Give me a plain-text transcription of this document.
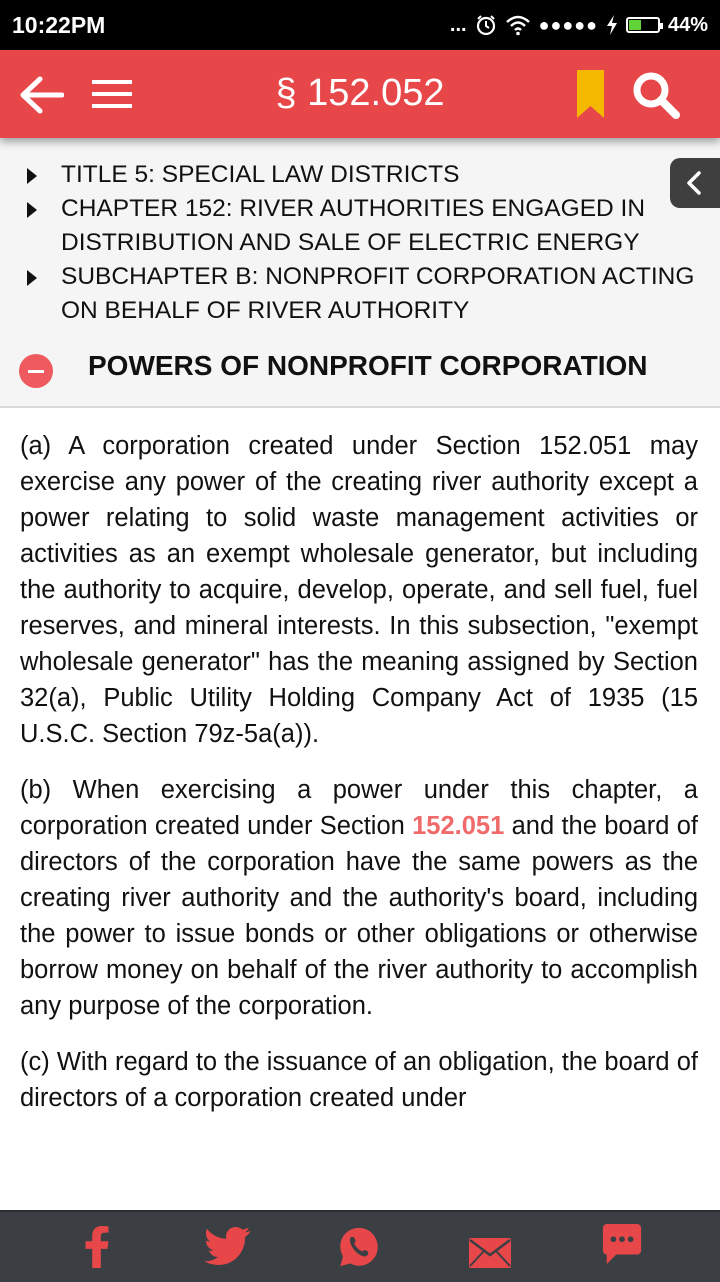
10:22PM	...	●●●●●	44%
§ 152.052
TITLE 5: SPECIAL LAW DISTRICTS
CHAPTER 152: RIVER AUTHORITIES ENGAGED IN DISTRIBUTION AND SALE OF ELECTRIC ENERGY
SUBCHAPTER B: NONPROFIT CORPORATION ACTING ON BEHALF OF RIVER AUTHORITY
POWERS OF NONPROFIT CORPORATION

(a) A corporation created under Section 152.051 may exercise any power of the creating river authority except a power relating to solid waste management activities or activities as an exempt wholesale generator, but including the authority to acquire, develop, operate, and sell fuel, fuel reserves, and mineral interests. In this subsection, "exempt wholesale generator" has the meaning assigned by Section 32(a), Public Utility Holding Company Act of 1935 (15 U.S.C. Section 79z-5a(a)).

(b) When exercising a power under this chapter, a corporation created under Section 152.051 and the board of directors of the corporation have the same powers as the creating river authority and the authority's board, including the power to issue bonds or other obligations or otherwise borrow money on behalf of the river authority to accomplish any purpose of the corporation.

(c) With regard to the issuance of an obligation, the board of directors of a corporation created under
